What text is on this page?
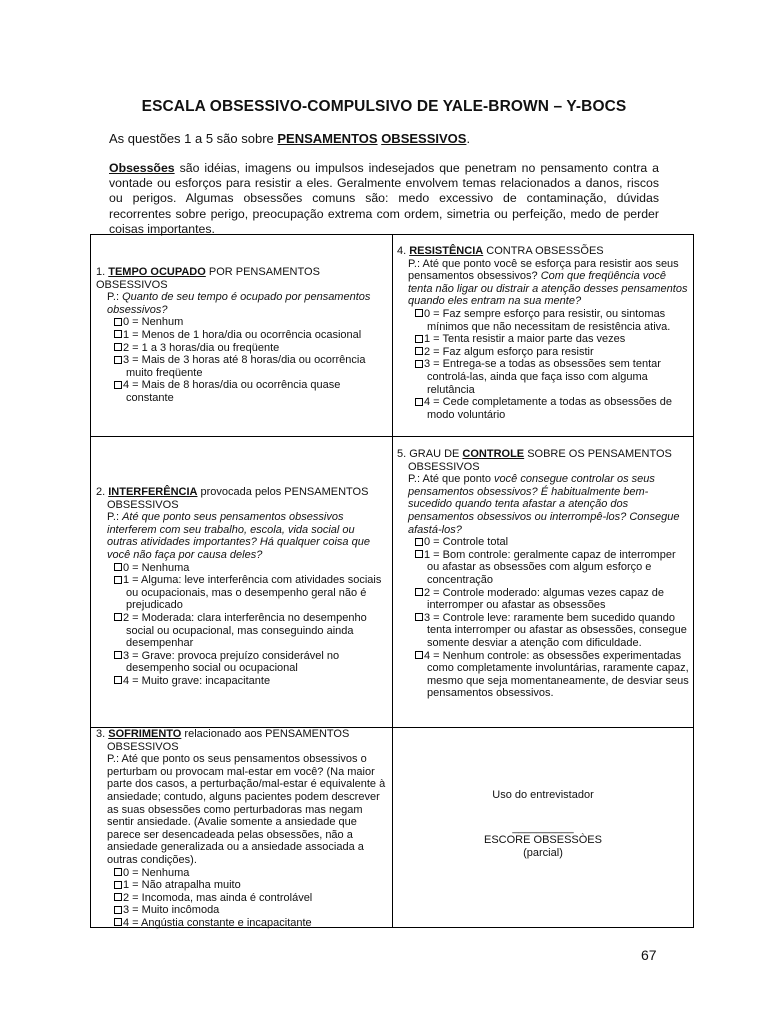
ESCALA OBSESSIVO-COMPULSIVO DE YALE-BROWN – Y-BOCS
As questões 1 a 5 são sobre PENSAMENTOS OBSESSIVOS.
Obsessões são idéias, imagens ou impulsos indesejados que penetram no pensamento contra a vontade ou esforços para resistir a eles. Geralmente envolvem temas relacionados a danos, riscos ou perigos. Algumas obsessões comuns são: medo excessivo de contaminação, dúvidas recorrentes sobre perigo, preocupação extrema com ordem, simetria ou perfeição, medo de perder coisas importantes.

1. TEMPO OCUPADO POR PENSAMENTOS

OBSESSIVOS

P.: Quanto de seu tempo é ocupado por pensamentos obsessivos?

0 = Nenhum

1 = Menos de 1 hora/dia ou ocorrência ocasional

2 = 1 a 3 horas/dia ou freqüente

3 = Mais de 3 horas até 8 horas/dia ou ocorrência muito freqüente

4 = Mais de 8 horas/dia ou ocorrência quase constante

4. RESISTÊNCIA CONTRA OBSESSÕES

P.: Até que ponto você se esforça para resistir aos seus pensamentos obsessivos? Com que freqüência você tenta não ligar ou distrair a atenção desses pensamentos quando eles entram na sua mente?

0 = Faz sempre esforço para resistir, ou sintomas mínimos que não necessitam de resistência ativa.

1 = Tenta resistir a maior parte das vezes

2 = Faz algum esforço para resistir

3 = Entrega-se a todas as obsessões sem tentar controlá-las, ainda que faça isso com alguma relutância

4 = Cede completamente a todas as obsessões de modo voluntário

2. INTERFERÊNCIA provocada pelos PENSAMENTOS

OBSESSIVOS

P.: Até que ponto seus pensamentos obsessivos interferem com seu trabalho, escola, vida social ou outras atividades importantes? Há qualquer coisa que você não faça por causa deles?

0 = Nenhuma

1 = Alguma: leve interferência com atividades sociais ou ocupacionais, mas o desempenho geral não é prejudicado

2 = Moderada: clara interferência no desempenho social ou ocupacional, mas conseguindo ainda desempenhar

3 = Grave: provoca prejuízo considerável no desempenho social ou ocupacional

4 = Muito grave: incapacitante

5. GRAU DE CONTROLE SOBRE OS PENSAMENTOS

OBSESSIVOS

P.: Até que ponto você consegue controlar os seus pensamentos obsessivos? É habitualmente bem-sucedido quando tenta afastar a atenção dos pensamentos obsessivos ou interrompê-los? Consegue afastá-los?

0 = Controle total

1 = Bom controle: geralmente capaz de interromper ou afastar as obsessões com algum esforço e concentração

2 = Controle moderado: algumas vezes capaz de interromper ou afastar as obsessões

3 = Controle leve: raramente bem sucedido quando tenta interromper ou afastar as obsessões, consegue somente desviar a atenção com dificuldade.

4 = Nenhum controle: as obsessões experimentadas como completamente involuntárias, raramente capaz, mesmo que seja momentaneamente, de desviar seus pensamentos obsessivos.

3. SOFRIMENTO relacionado aos PENSAMENTOS

OBSESSIVOS

P.: Até que ponto os seus pensamentos obsessivos o perturbam ou provocam mal-estar em você? (Na maior parte dos casos, a perturbação/mal-estar é equivalente à ansiedade; contudo, alguns pacientes podem descrever as suas obsessões como perturbadoras mas negam sentir ansiedade. (Avalie somente a ansiedade que parece ser desencadeada pelas obsessões, não a ansiedade generalizada ou a ansiedade associada a outras condições).

0 = Nenhuma

1 = Não atrapalha muito

2 = Incomoda, mas ainda é controlável

3 = Muito incômoda

4 = Angústia constante e incapacitante

Uso do entrevistador

__________

ESCORE OBSESSÒES

(parcial)

67
